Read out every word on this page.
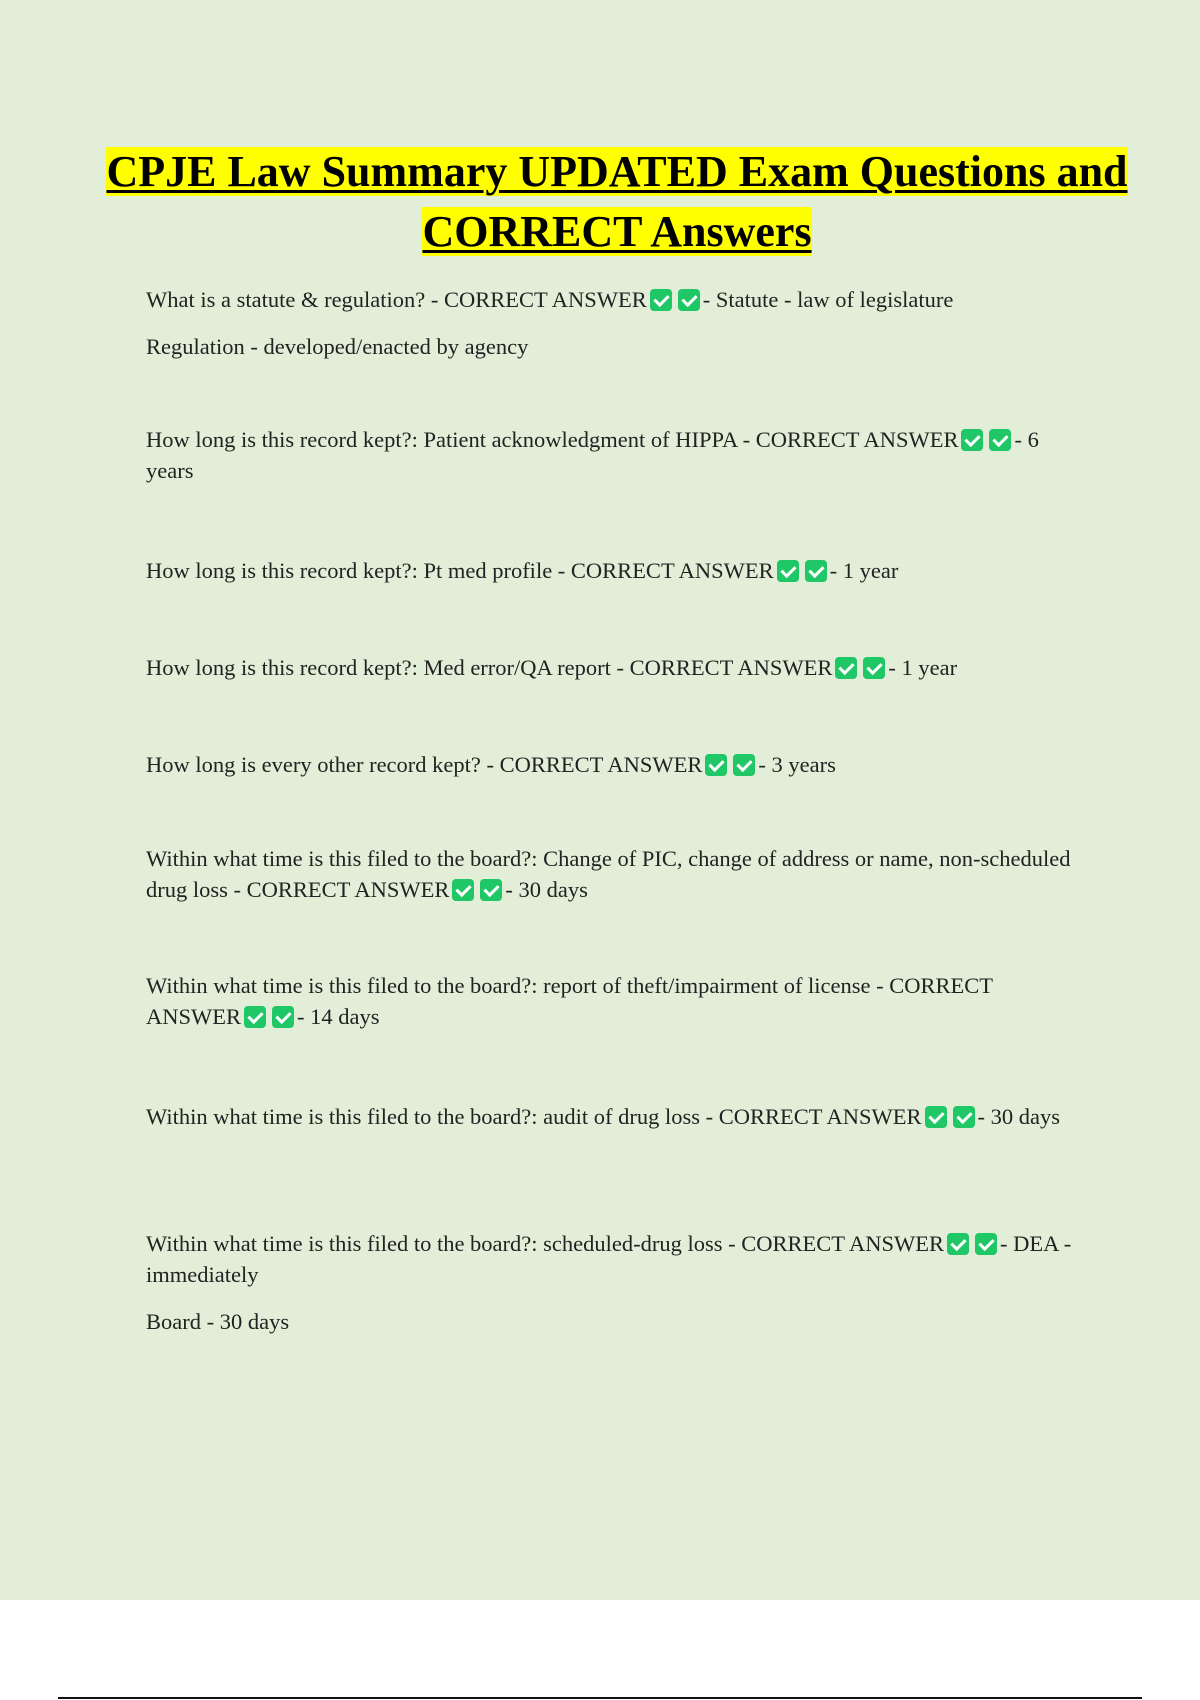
CPJE Law Summary UPDATED Exam Questions and CORRECT Answers

What is a statute & regulation? - CORRECT ANSWER - Statute - law of legislature

Regulation - developed/enacted by agency

How long is this record kept?: Patient acknowledgment of HIPPA - CORRECT ANSWER - 6 years

How long is this record kept?: Pt med profile - CORRECT ANSWER - 1 year

How long is this record kept?: Med error/QA report - CORRECT ANSWER - 1 year

How long is every other record kept? - CORRECT ANSWER - 3 years

Within what time is this filed to the board?: Change of PIC, change of address or name, non-scheduled drug loss - CORRECT ANSWER - 30 days

Within what time is this filed to the board?: report of theft/impairment of license - CORRECT ANSWER - 14 days

Within what time is this filed to the board?: audit of drug loss - CORRECT ANSWER - 30 days

Within what time is this filed to the board?: scheduled-drug loss - CORRECT ANSWER - DEA - immediately

Board - 30 days
